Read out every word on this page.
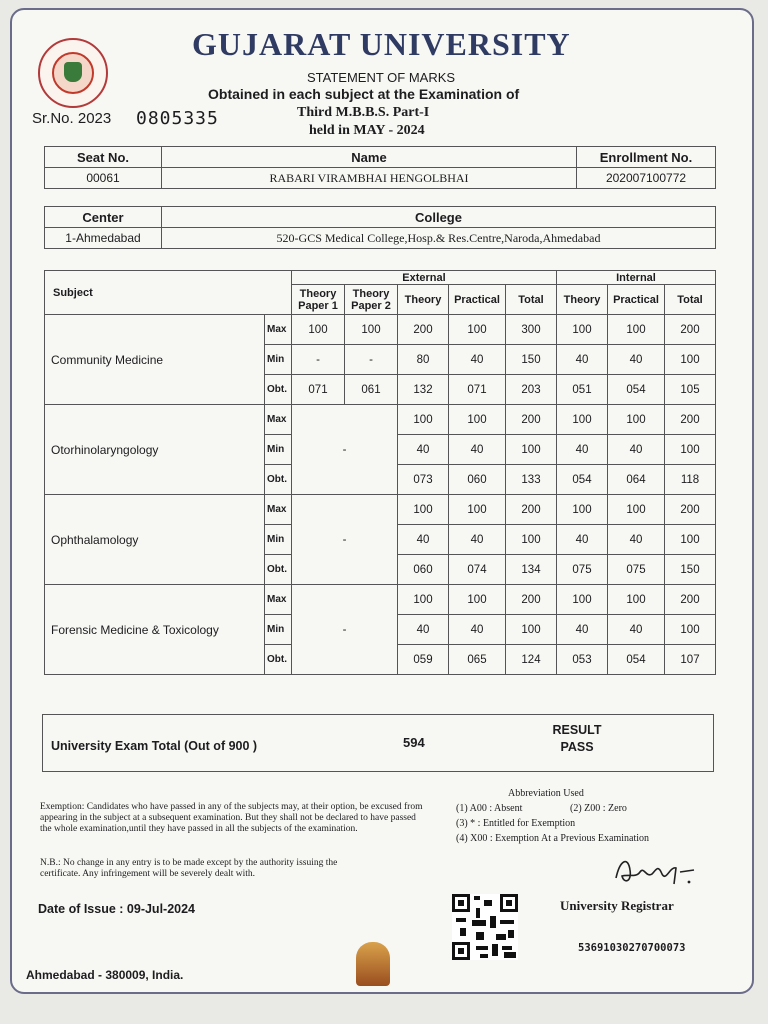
GUJARAT UNIVERSITY
STATEMENT OF MARKS
Obtained in each subject at the Examination of
Third M.B.B.S. Part-I
held in MAY - 2024
Sr.No. 2023 0805335
Seat No.	Name	Enrollment No.
00061	RABARI VIRAMBHAI HENGOLBHAI	202007100772
Center	College
1-Ahmedabad	520-GCS Medical College,Hosp.& Res.Centre,Naroda,Ahmedabad
Subject		External					Internal		
		Theory Paper 1	Theory Paper 2	Theory	Practical	Total	Theory	Practical	Total
Community Medicine	Max	100	100	200	100	300	100	100	200
	Min	-	-	80	40	150	40	40	100
	Obt.	071	061	132	071	203	051	054	105
Otorhinolaryngology	Max	-		100	100	200	100	100	200
	Min			40	40	100	40	40	100
	Obt.			073	060	133	054	064	118
Ophthalamology	Max	-		100	100	200	100	100	200
	Min			40	40	100	40	40	100
	Obt.			060	074	134	075	075	150
Forensic Medicine & Toxicology	Max	-		100	100	200	100	100	200
	Min			40	40	100	40	40	100
	Obt.			059	065	124	053	054	107
University Exam Total (Out of 900 )	594
RESULT
PASS
Exemption: Candidates who have passed in any of the subjects may, at their option, be excused from appearing in the subject at a subsequent examination. But they shall not be declared to have passed the whole examination,until they have passed in all the subjects of the examination.
N.B.: No change in any entry is to be made except by the authority issuing the certificate. Any infringement will be severely dealt with.
Abbreviation Used
(1) A00 : Absent	(2) Z00 : Zero
(3) * : Entitled for Exemption
(4) X00 : Exemption At a Previous Examination
Date of Issue : 09-Jul-2024	University Registrar
53691030270700073
Ahmedabad - 380009, India.
